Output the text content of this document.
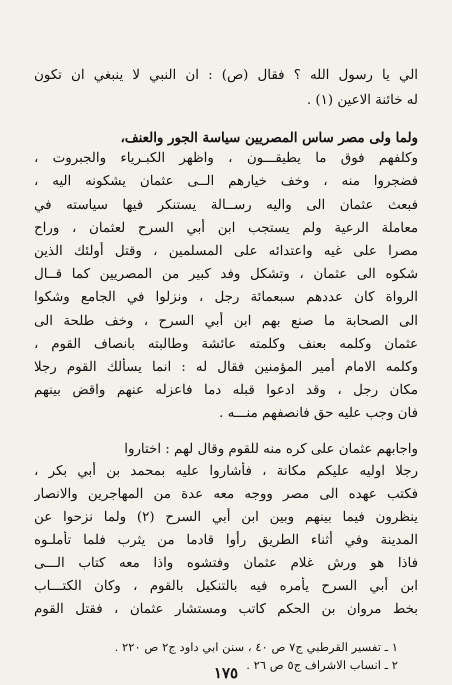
الي يا رسول الله ؟ فقال (ص) : ان النبي لا ينبغي ان تكون
له خائنة الاعين (١) .
ولما ولى مصر ساس المصريين سياسة الجور والعنف،
وكلفهم فوق ما يطيقـــون ، واظهر الكبـرياء والجبروت ،
فضجروا منه ، وخف خيارهم الــى عثمان يشكونه اليه ،
فبعث عثمان الى واليه رســالة يستنكر فيها سياسته في
معاملة الرعية ولم يستجب ابن أبي السرح لعثمان ، وراح
مصرا على غيه واعتدائه على المسلمين ، وقتل أولئك الذين
شكوه الى عثمان ، وتشكل وفد كبير من المصريين كما قــال
الرواة كان عددهم سبعمائة رجل ، ونزلوا في الجامع وشكوا
الى الصحابة ما صنع بهم ابن أبي السرح ، وخف طلحة الى
عثمان وكلمه بعنف وكلمته عائشة وطالبته بانصاف القوم ،
وكلمه الامام أمير المؤمنين فقال له : انما يسألك القوم رجلا
مكان رجل ، وقد ادعوا قبله دما فاعزله عنهم واقض بينهم
فان وجب عليه حق فانصفهم منـــه .
واجابهم عثمان على كره منه للقوم وقال لهم : اختاروا
رجلا اوليه عليكم مكانة ، فأشاروا عليه بمحمد بن أبي بكر ،
فكتب عهده الى مصر ووجه معه عدة من المهاجرين والانصار
ينظرون فيما بينهم وبين ابن أبي السرح (٢) ولما نزحوا عن
المدينة وفي أثناء الطريق رأوا قادما من يثرب فلما تأملـوه
فاذا هو ورش غلام عثمان وفتشوه واذا معه كتاب الـــى
ابن أبي السرح يأمره فيه بالتنكيل بالقوم ، وكان الكتـــاب
بخط مروان بن الحكم كاتب ومستشار عثمان ، فقتل القوم
١ ـ تفسير القرطبي ج٧ ص ٤٠ ، سنن ابي داود ج٢ ص ٢٢٠ .
٢ ـ انساب الاشراف ج٥ ص ٢٦ .
١٧٥
